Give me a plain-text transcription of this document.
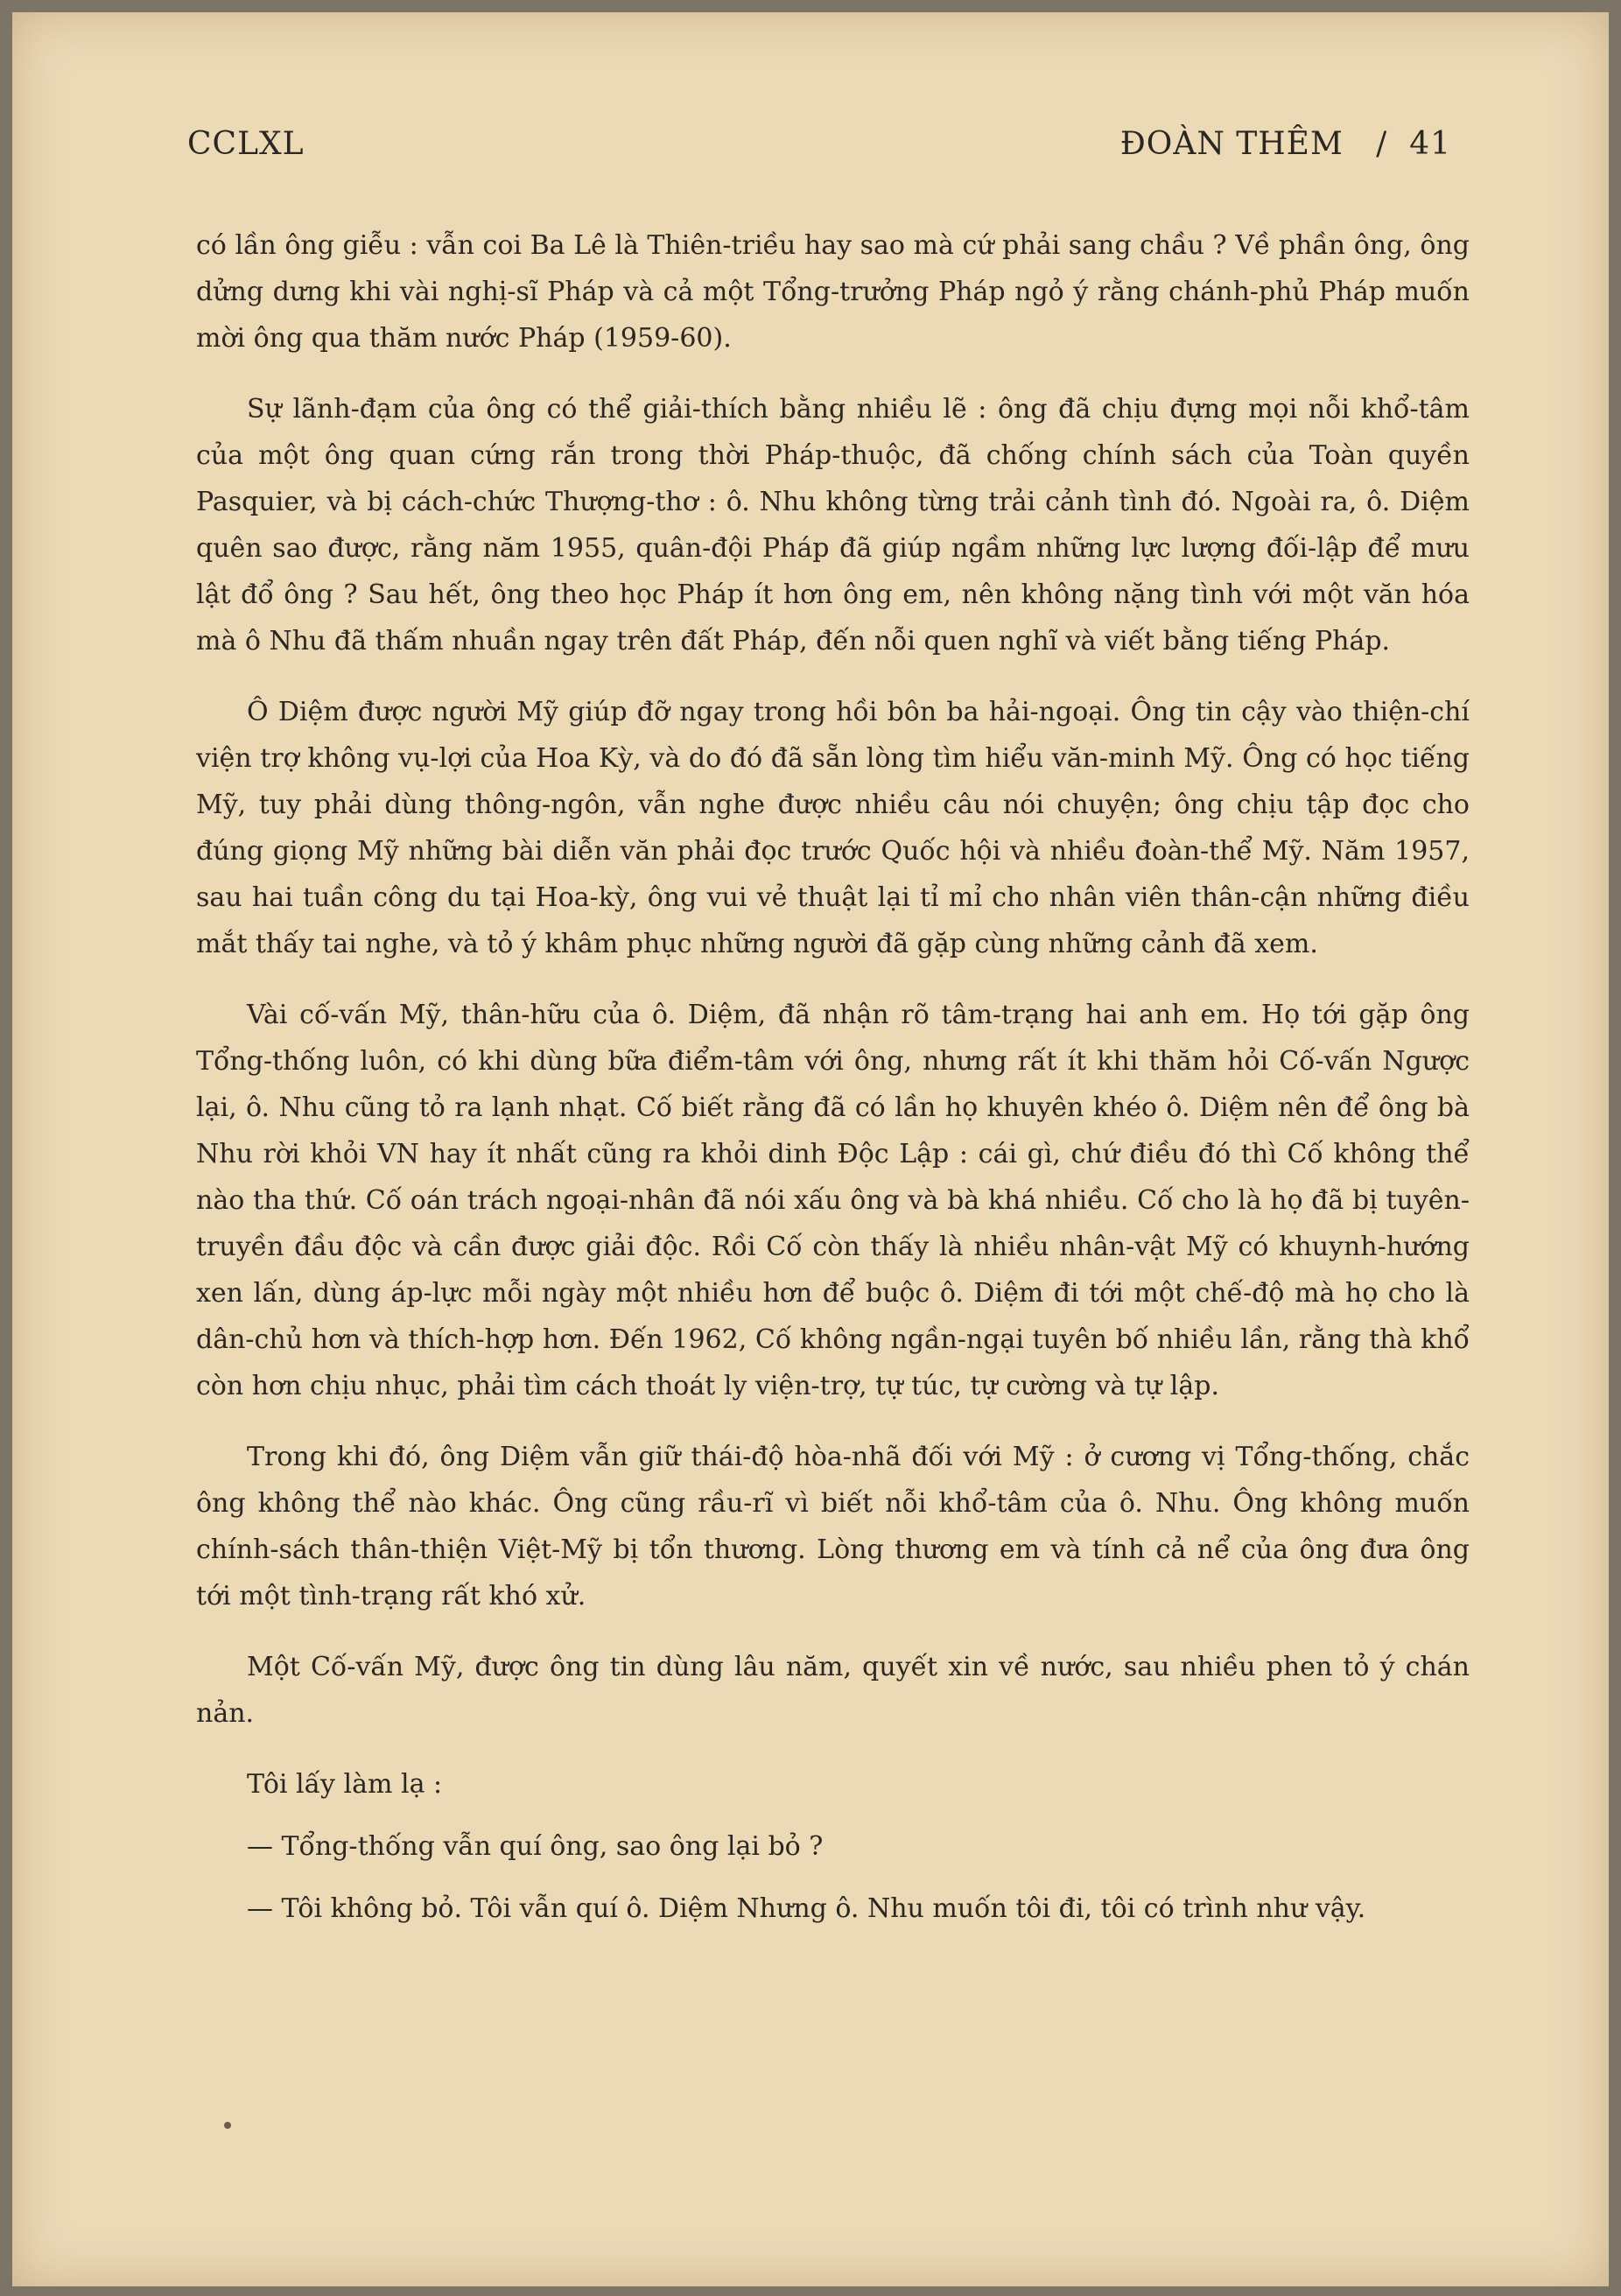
CCLXL	ĐOÀN THÊM / 41

có lần ông giễu : vẫn coi Ba Lê là Thiên-triều hay sao mà cứ phải sang chầu ? Về phần ông, ông dửng dưng khi vài nghị-sĩ Pháp và cả một Tổng-trưởng Pháp ngỏ ý rằng chánh-phủ Pháp muốn mời ông qua thăm nước Pháp (1959-60).

Sự lãnh-đạm của ông có thể giải-thích bằng nhiều lẽ : ông đã chịu đựng mọi nỗi khổ-tâm của một ông quan cứng rắn trong thời Pháp-thuộc, đã chống chính sách của Toàn quyền Pasquier, và bị cách-chức Thượng-thơ : ô. Nhu không từng trải cảnh tình đó. Ngoài ra, ô. Diệm quên sao được, rằng năm 1955, quân-đội Pháp đã giúp ngầm những lực lượng đối-lập để mưu lật đổ ông ? Sau hết, ông theo học Pháp ít hơn ông em, nên không nặng tình với một văn hóa mà ô Nhu đã thấm nhuần ngay trên đất Pháp, đến nỗi quen nghĩ và viết bằng tiếng Pháp.

Ô Diệm được người Mỹ giúp đỡ ngay trong hồi bôn ba hải-ngoại. Ông tin cậy vào thiện-chí viện trợ không vụ-lợi của Hoa Kỳ, và do đó đã sẵn lòng tìm hiểu văn-minh Mỹ. Ông có học tiếng Mỹ, tuy phải dùng thông-ngôn, vẫn nghe được nhiều câu nói chuyện; ông chịu tập đọc cho đúng giọng Mỹ những bài diễn văn phải đọc trước Quốc hội và nhiều đoàn-thể Mỹ. Năm 1957, sau hai tuần công du tại Hoa-kỳ, ông vui vẻ thuật lại tỉ mỉ cho nhân viên thân-cận những điều mắt thấy tai nghe, và tỏ ý khâm phục những người đã gặp cùng những cảnh đã xem.

Vài cố-vấn Mỹ, thân-hữu của ô. Diệm, đã nhận rõ tâm-trạng hai anh em. Họ tới gặp ông Tổng-thống luôn, có khi dùng bữa điểm-tâm với ông, nhưng rất ít khi thăm hỏi Cố-vấn Ngược lại, ô. Nhu cũng tỏ ra lạnh nhạt. Cố biết rằng đã có lần họ khuyên khéo ô. Diệm nên để ông bà Nhu rời khỏi VN hay ít nhất cũng ra khỏi dinh Độc Lập : cái gì, chứ điều đó thì Cố không thể nào tha thứ. Cố oán trách ngoại-nhân đã nói xấu ông và bà khá nhiều. Cố cho là họ đã bị tuyên-truyền đầu độc và cần được giải độc. Rồi Cố còn thấy là nhiều nhân-vật Mỹ có khuynh-hướng xen lấn, dùng áp-lực mỗi ngày một nhiều hơn để buộc ô. Diệm đi tới một chế-độ mà họ cho là dân-chủ hơn và thích-hợp hơn. Đến 1962, Cố không ngần-ngại tuyên bố nhiều lần, rằng thà khổ còn hơn chịu nhục, phải tìm cách thoát ly viện-trợ, tự túc, tự cường và tự lập.

Trong khi đó, ông Diệm vẫn giữ thái-độ hòa-nhã đối với Mỹ : ở cương vị Tổng-thống, chắc ông không thể nào khác. Ông cũng rầu-rĩ vì biết nỗi khổ-tâm của ô. Nhu. Ông không muốn chính-sách thân-thiện Việt-Mỹ bị tổn thương. Lòng thương em và tính cả nể của ông đưa ông tới một tình-trạng rất khó xử.

Một Cố-vấn Mỹ, được ông tin dùng lâu năm, quyết xin về nước, sau nhiều phen tỏ ý chán nản.

Tôi lấy làm lạ :

— Tổng-thống vẫn quí ông, sao ông lại bỏ ?

— Tôi không bỏ. Tôi vẫn quí ô. Diệm Nhưng ô. Nhu muốn tôi đi, tôi có trình như vậy.
